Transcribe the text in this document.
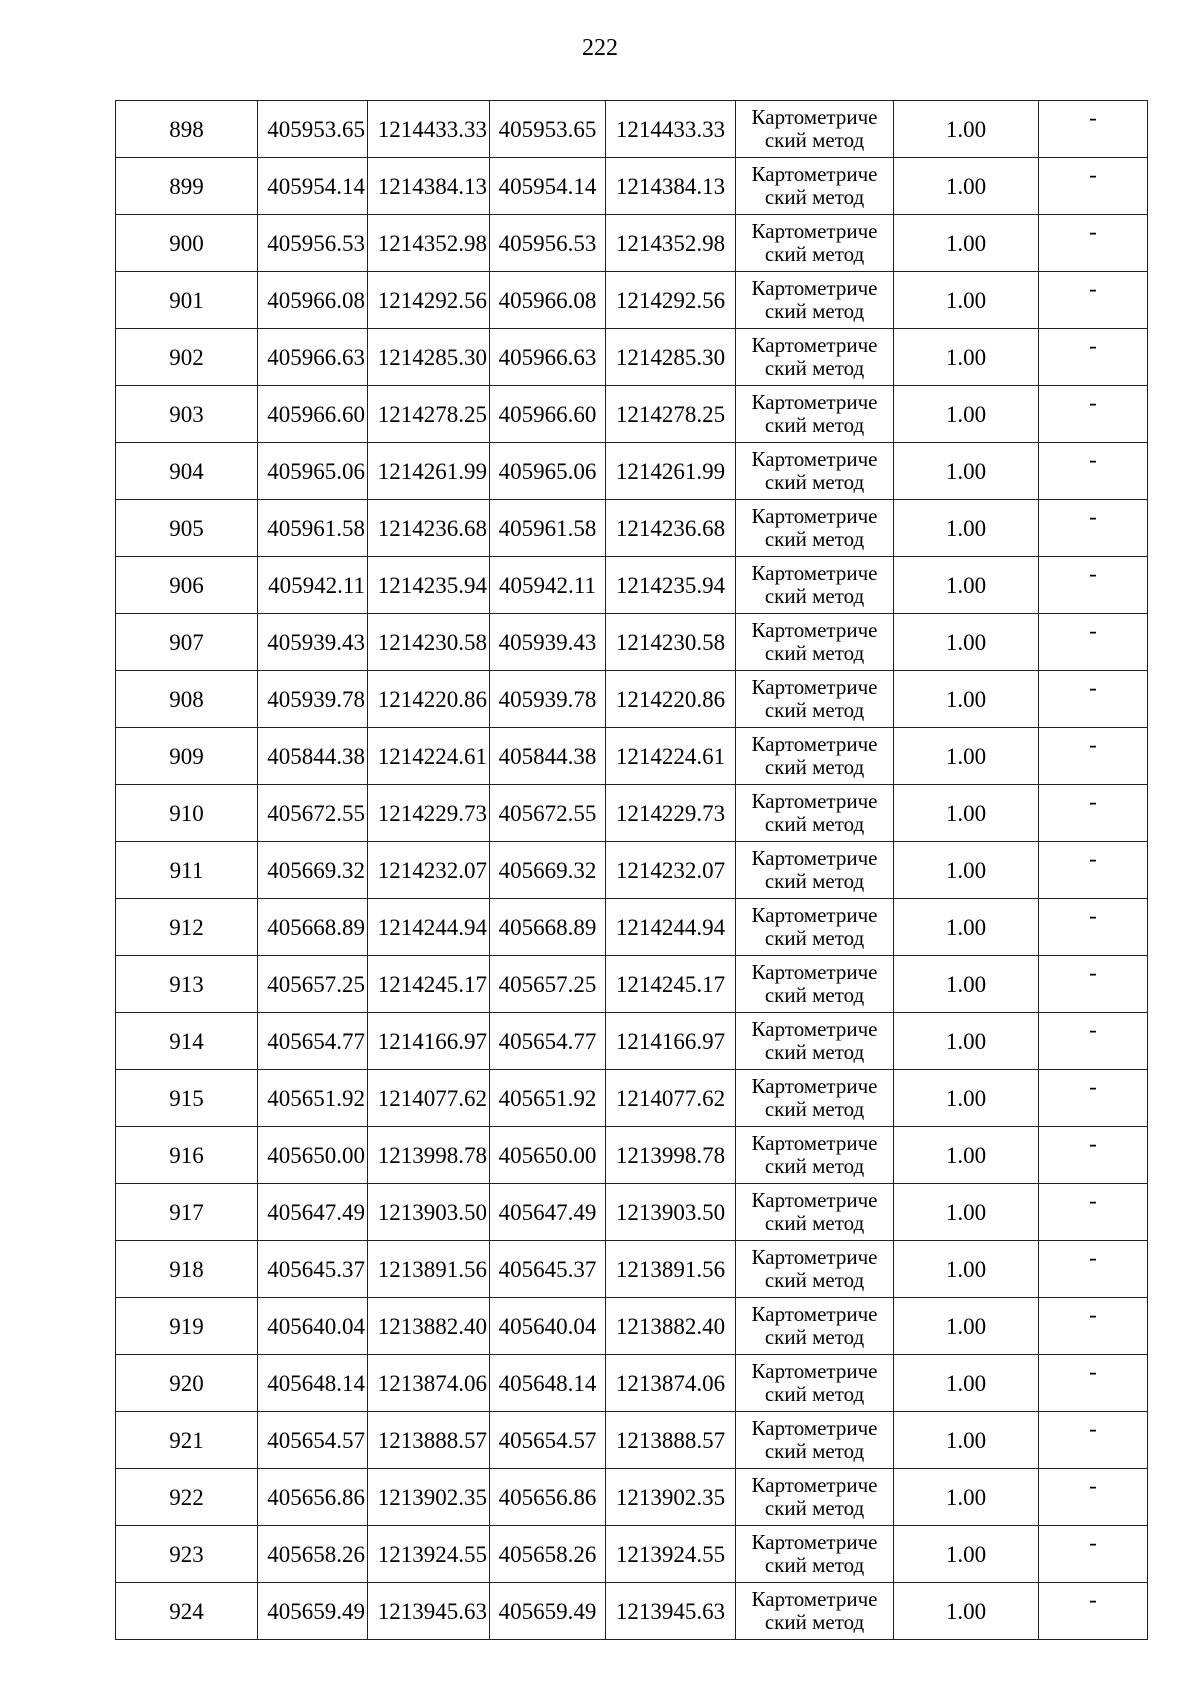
222
898	405953.65	1214433.33	405953.65	1214433.33	Картометриче ский метод	1.00	-
899	405954.14	1214384.13	405954.14	1214384.13	Картометриче ский метод	1.00	-
900	405956.53	1214352.98	405956.53	1214352.98	Картометриче ский метод	1.00	-
901	405966.08	1214292.56	405966.08	1214292.56	Картометриче ский метод	1.00	-
902	405966.63	1214285.30	405966.63	1214285.30	Картометриче ский метод	1.00	-
903	405966.60	1214278.25	405966.60	1214278.25	Картометриче ский метод	1.00	-
904	405965.06	1214261.99	405965.06	1214261.99	Картометриче ский метод	1.00	-
905	405961.58	1214236.68	405961.58	1214236.68	Картометриче ский метод	1.00	-
906	405942.11	1214235.94	405942.11	1214235.94	Картометриче ский метод	1.00	-
907	405939.43	1214230.58	405939.43	1214230.58	Картометриче ский метод	1.00	-
908	405939.78	1214220.86	405939.78	1214220.86	Картометриче ский метод	1.00	-
909	405844.38	1214224.61	405844.38	1214224.61	Картометриче ский метод	1.00	-
910	405672.55	1214229.73	405672.55	1214229.73	Картометриче ский метод	1.00	-
911	405669.32	1214232.07	405669.32	1214232.07	Картометриче ский метод	1.00	-
912	405668.89	1214244.94	405668.89	1214244.94	Картометриче ский метод	1.00	-
913	405657.25	1214245.17	405657.25	1214245.17	Картометриче ский метод	1.00	-
914	405654.77	1214166.97	405654.77	1214166.97	Картометриче ский метод	1.00	-
915	405651.92	1214077.62	405651.92	1214077.62	Картометриче ский метод	1.00	-
916	405650.00	1213998.78	405650.00	1213998.78	Картометриче ский метод	1.00	-
917	405647.49	1213903.50	405647.49	1213903.50	Картометриче ский метод	1.00	-
918	405645.37	1213891.56	405645.37	1213891.56	Картометриче ский метод	1.00	-
919	405640.04	1213882.40	405640.04	1213882.40	Картометриче ский метод	1.00	-
920	405648.14	1213874.06	405648.14	1213874.06	Картометриче ский метод	1.00	-
921	405654.57	1213888.57	405654.57	1213888.57	Картометриче ский метод	1.00	-
922	405656.86	1213902.35	405656.86	1213902.35	Картометриче ский метод	1.00	-
923	405658.26	1213924.55	405658.26	1213924.55	Картометриче ский метод	1.00	-
924	405659.49	1213945.63	405659.49	1213945.63	Картометриче ский метод	1.00	-
